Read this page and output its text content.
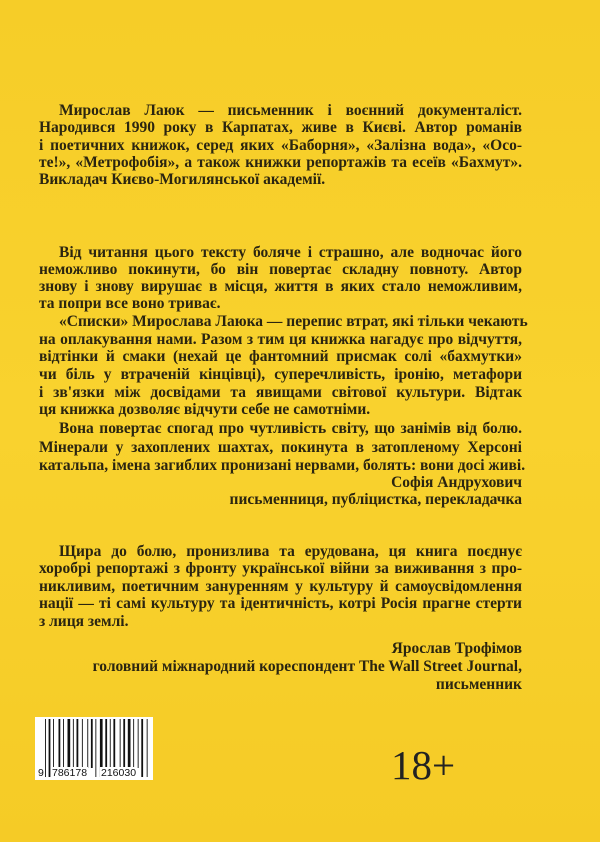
Мирослав Лаюк — письменник і воєнний документаліст.
Народився 1990 року в Карпатах, живе в Києві. Автор романів
і поетичних книжок, серед яких «Баборня», «Залізна вода», «Осо-
те!», «Метрофобія», а також книжки репортажів та есеїв «Бахмут».
Викладач Києво-Могилянської академії.
Від читання цього тексту боляче і страшно, але водночас його
неможливо покинути, бо він повертає складну повноту. Автор
знову і знову вирушає в місця, життя в яких стало неможливим,
та попри все воно триває.
«Списки» Мирослава Лаюка — перепис втрат, які тільки чекають
на оплакування нами. Разом з тим ця книжка нагадує про відчуття,
відтінки й смаки (нехай це фантомний присмак солі «бахмутки»
чи біль у втраченій кінцівці), суперечливість, іронію, метафори
і зв'язки між досвідами та явищами світової культури. Відтак
ця книжка дозволяє відчути себе не самотніми.
Вона повертає спогад про чутливість світу, що занімів від болю.
Мінерали у захоплених шахтах, покинута в затопленому Херсоні
катальпа, імена загиблих пронизані нервами, болять: вони досі живі.
Софія Андрухович
письменниця, публіцистка, перекладачка
Щира до болю, пронизлива та ерудована, ця книга поєднує
хоробрі репортажі з фронту української війни за виживання з про-
никливим, поетичним зануренням у культуру й самоусвідомлення
нації — ті самі культуру та ідентичність, котрі Росія прагне стерти
з лиця землі.
Ярослав Трофімов
головний міжнародний кореспондент The Wall Street Journal,
письменник
9 786178 216030	18+
